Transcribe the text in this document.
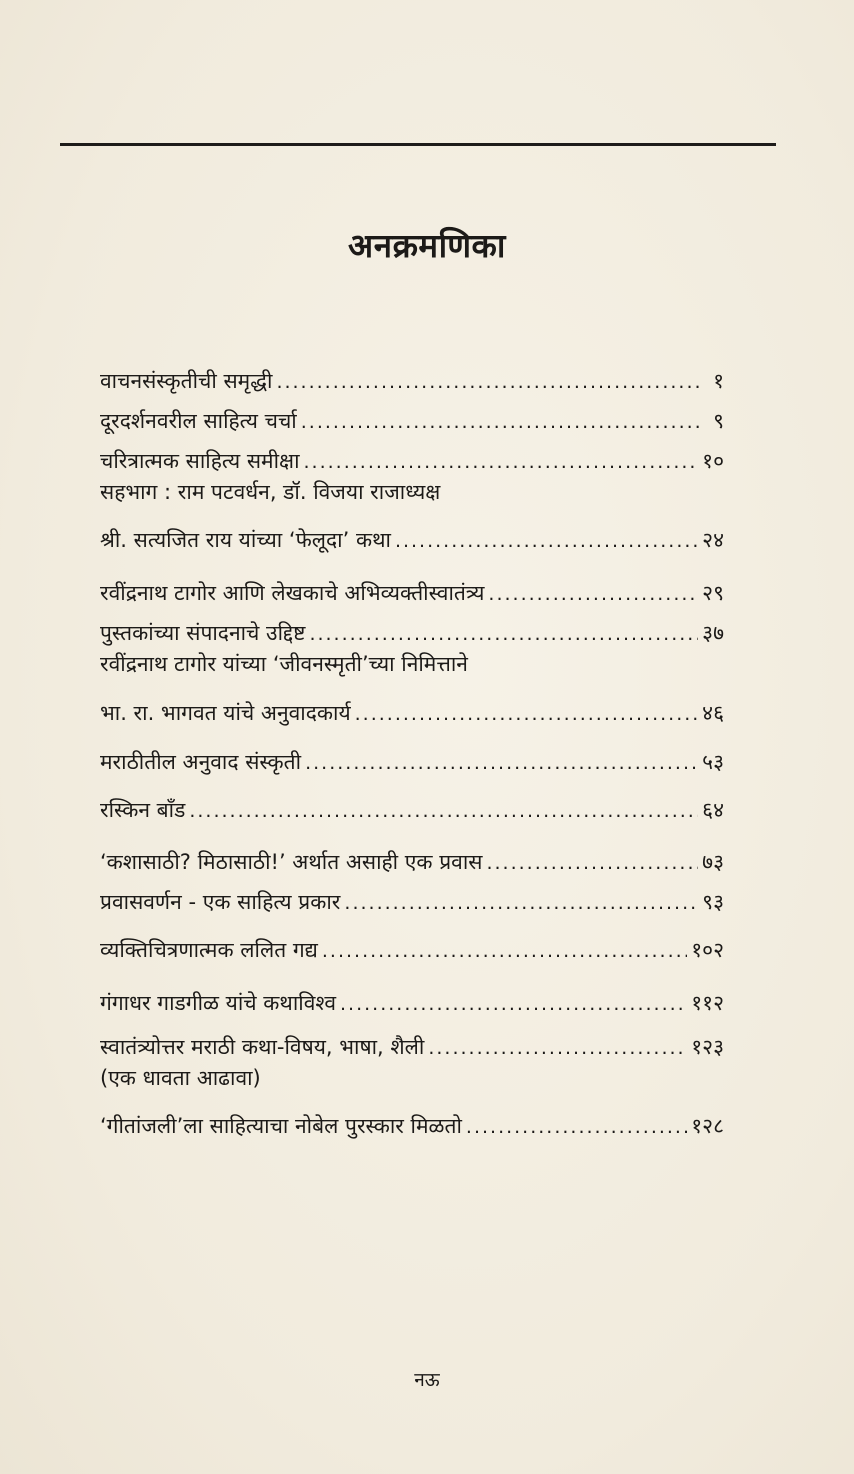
अनक्रमणिका
वाचनसंस्कृतीची समृद्धी .....	१
दूरदर्शनवरील साहित्य चर्चा .....	९
चरित्रात्मक साहित्य समीक्षा .....	१०
सहभाग : राम पटवर्धन, डॉ. विजया राजाध्यक्ष
श्री. सत्यजित राय यांच्या ‘फेलूदा’ कथा .....	२४
रवींद्रनाथ टागोर आणि लेखकाचे अभिव्यक्तीस्वातंत्र्य .....	२९
पुस्तकांच्या संपादनाचे उद्दिष्ट .....	३७
रवींद्रनाथ टागोर यांच्या ‘जीवनस्मृती’च्या निमित्ताने
भा. रा. भागवत यांचे अनुवादकार्य .....	४६
मराठीतील अनुवाद संस्कृती .....	५३
रस्किन बाँड .....	६४
‘कशासाठी? मिठासाठी!’ अर्थात असाही एक प्रवास .....	७३
प्रवासवर्णन - एक साहित्य प्रकार .....	९३
व्यक्तिचित्रणात्मक ललित गद्य .....	१०२
गंगाधर गाडगीळ यांचे कथाविश्व .....	११२
स्वातंत्र्योत्तर मराठी कथा-विषय, भाषा, शैली .....	१२३
(एक धावता आढावा)
‘गीतांजली’ला साहित्याचा नोबेल पुरस्कार मिळतो .....	१२८
नऊ
